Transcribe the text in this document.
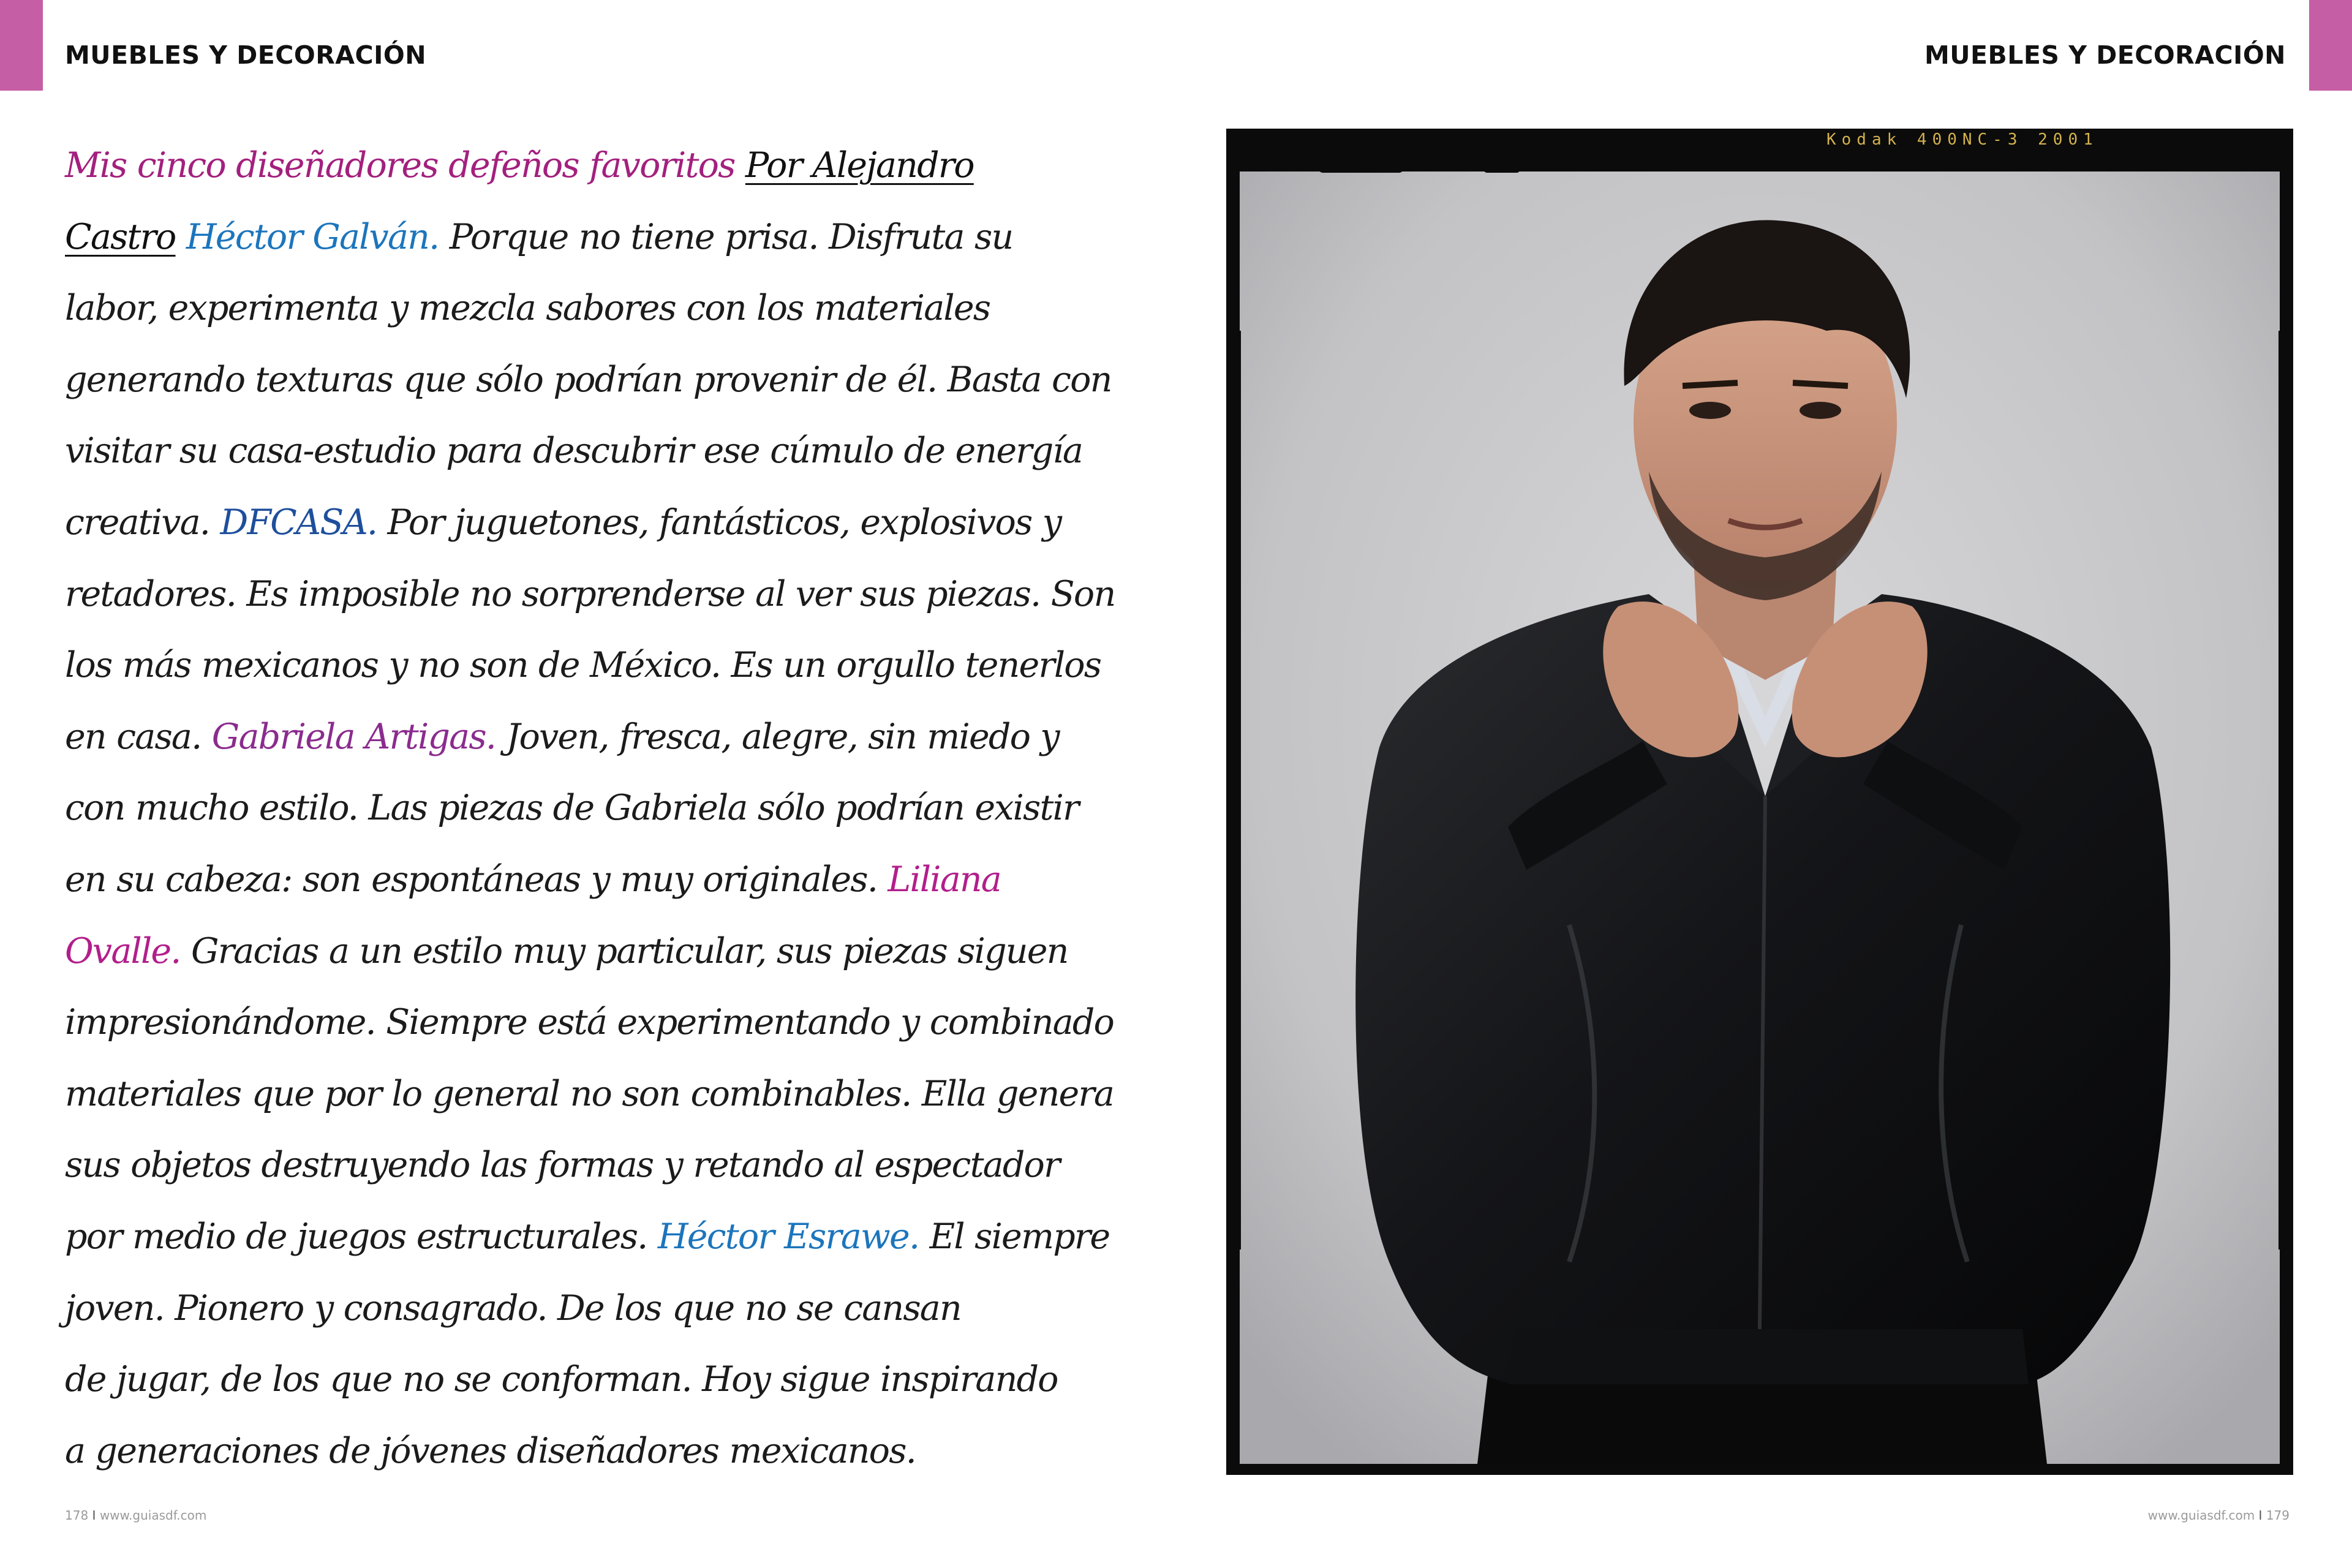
MUEBLES Y DECORACIÓN	MUEBLES Y DECORACIÓN
Mis cinco diseñadores defeños favoritos Por Alejandro
Castro Héctor Galván. Porque no tiene prisa. Disfruta su
labor, experimenta y mezcla sabores con los materiales
generando texturas que sólo podrían provenir de él. Basta con
visitar su casa-estudio para descubrir ese cúmulo de energía
creativa. DFCASA. Por juguetones, fantásticos, explosivos y
retadores. Es imposible no sorprenderse al ver sus piezas. Son
los más mexicanos y no son de México. Es un orgullo tenerlos
en casa. Gabriela Artigas. Joven, fresca, alegre, sin miedo y
con mucho estilo. Las piezas de Gabriela sólo podrían existir
en su cabeza: son espontáneas y muy originales. Liliana
Ovalle. Gracias a un estilo muy particular, sus piezas siguen
impresionándome. Siempre está experimentando y combinado
materiales que por lo general no son combinables. Ella genera
sus objetos destruyendo las formas y retando al espectador
por medio de juegos estructurales. Héctor Esrawe. El siempre
joven. Pionero y consagrado. De los que no se cansan
de jugar, de los que no se conforman. Hoy sigue inspirando
a generaciones de jóvenes diseñadores mexicanos.
178 I www.guiasdf.com	www.guiasdf.com I 179
Kodak 400NC-3 2001
